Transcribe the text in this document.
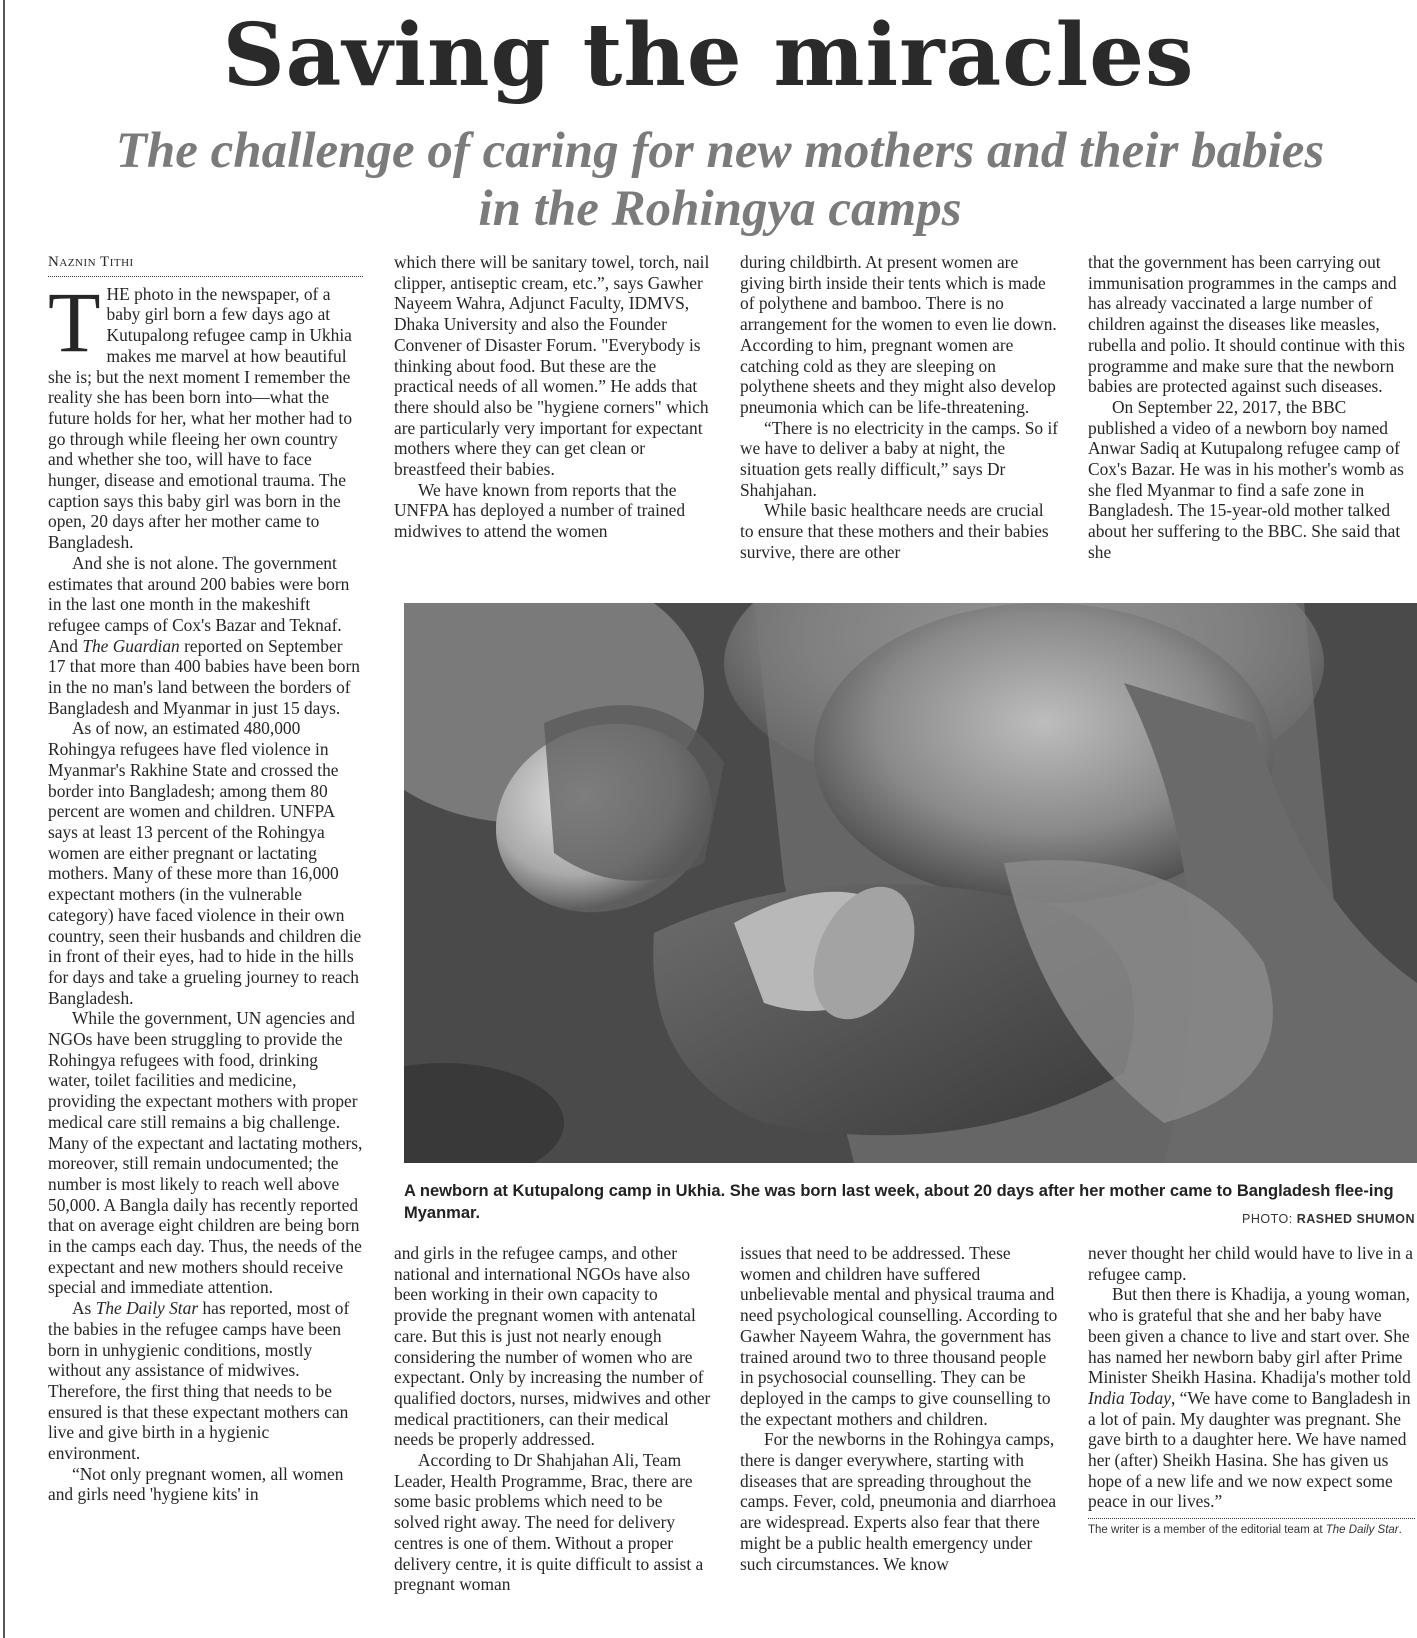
Saving the miracles
The challenge of caring for new mothers and their babies
in the Rohingya camps
Naznin Tithi

THE photo in the newspaper, of a baby girl born a few days ago at Kutupalong refugee camp in Ukhia makes me marvel at how beautiful she is; but the next moment I remember the reality she has been born into—what the future holds for her, what her mother had to go through while fleeing her own country and whether she too, will have to face hunger, disease and emotional trauma. The caption says this baby girl was born in the open, 20 days after her mother came to Bangladesh.

And she is not alone. The government estimates that around 200 babies were born in the last one month in the makeshift refugee camps of Cox's Bazar and Teknaf. And The Guardian reported on September 17 that more than 400 babies have been born in the no man's land between the borders of Bangladesh and Myanmar in just 15 days.

As of now, an estimated 480,000 Rohingya refugees have fled violence in Myanmar's Rakhine State and crossed the border into Bangladesh; among them 80 percent are women and children. UNFPA says at least 13 percent of the Rohingya women are either pregnant or lactating mothers. Many of these more than 16,000 expectant mothers (in the vulnerable category) have faced violence in their own country, seen their husbands and children die in front of their eyes, had to hide in the hills for days and take a grueling journey to reach Bangladesh.

While the government, UN agencies and NGOs have been struggling to provide the Rohingya refugees with food, drinking water, toilet facilities and medicine, providing the expectant mothers with proper medical care still remains a big challenge. Many of the expectant and lactating mothers, moreover, still remain undocumented; the number is most likely to reach well above 50,000. A Bangla daily has recently reported that on average eight children are being born in the camps each day. Thus, the needs of the expectant and new mothers should receive special and immediate attention.

As The Daily Star has reported, most of the babies in the refugee camps have been born in unhygienic conditions, mostly without any assistance of midwives. Therefore, the first thing that needs to be ensured is that these expectant mothers can live and give birth in a hygienic environment.

“Not only pregnant women, all women and girls need 'hygiene kits' in

which there will be sanitary towel, torch, nail clipper, antiseptic cream, etc.”, says Gawher Nayeem Wahra, Adjunct Faculty, IDMVS, Dhaka University and also the Founder Convener of Disaster Forum. "Everybody is thinking about food. But these are the practical needs of all women.” He adds that there should also be "hygiene corners" which are particularly very important for expectant mothers where they can get clean or breastfeed their babies.

We have known from reports that the UNFPA has deployed a number of trained midwives to attend the women

during childbirth. At present women are giving birth inside their tents which is made of polythene and bamboo. There is no arrangement for the women to even lie down. According to him, pregnant women are catching cold as they are sleeping on polythene sheets and they might also develop pneumonia which can be life-threatening.

“There is no electricity in the camps. So if we have to deliver a baby at night, the situation gets really difficult,” says Dr Shahjahan.

While basic healthcare needs are crucial to ensure that these mothers and their babies survive, there are other

that the government has been carrying out immunisation programmes in the camps and has already vaccinated a large number of children against the diseases like measles, rubella and polio. It should continue with this programme and make sure that the newborn babies are protected against such diseases.

On September 22, 2017, the BBC published a video of a newborn boy named Anwar Sadiq at Kutupalong refugee camp of Cox's Bazar. He was in his mother's womb as she fled Myanmar to find a safe zone in Bangladesh. The 15-year-old mother talked about her suffering to the BBC. She said that she

A newborn at Kutupalong camp in Ukhia. She was born last week, about 20 days after her mother came to Bangladesh flee-ing Myanmar.	PHOTO: RASHED SHUMON

and girls in the refugee camps, and other national and international NGOs have also been working in their own capacity to provide the pregnant women with antenatal care. But this is just not nearly enough considering the number of women who are expectant. Only by increasing the number of qualified doctors, nurses, midwives and other medical practitioners, can their medical needs be properly addressed.

According to Dr Shahjahan Ali, Team Leader, Health Programme, Brac, there are some basic problems which need to be solved right away. The need for delivery centres is one of them. Without a proper delivery centre, it is quite difficult to assist a pregnant woman

issues that need to be addressed. These women and children have suffered unbelievable mental and physical trauma and need psychological counselling. According to Gawher Nayeem Wahra, the government has trained around two to three thousand people in psychosocial counselling. They can be deployed in the camps to give counselling to the expectant mothers and children.

For the newborns in the Rohingya camps, there is danger everywhere, starting with diseases that are spreading throughout the camps. Fever, cold, pneumonia and diarrhoea are widespread. Experts also fear that there might be a public health emergency under such circumstances. We know

never thought her child would have to live in a refugee camp.

But then there is Khadija, a young woman, who is grateful that she and her baby have been given a chance to live and start over. She has named her newborn baby girl after Prime Minister Sheikh Hasina. Khadija's mother told India Today, “We have come to Bangladesh in a lot of pain. My daughter was pregnant. She gave birth to a daughter here. We have named her (after) Sheikh Hasina. She has given us hope of a new life and we now expect some peace in our lives.”

The writer is a member of the editorial team at The Daily Star.
